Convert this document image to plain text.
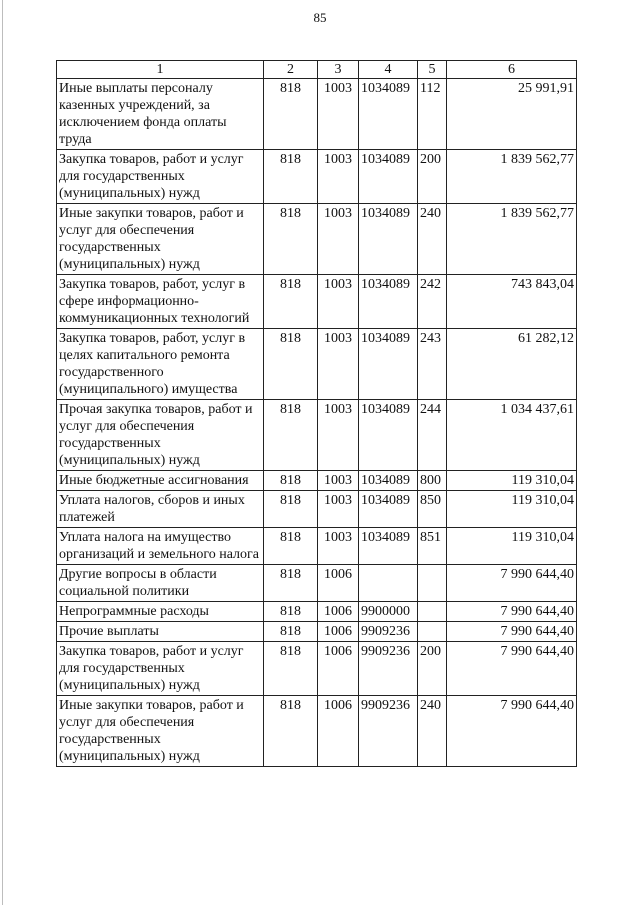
85
1	2	3	4	5	6
Иные выплаты персоналу казенных учреждений, за исключением фонда оплаты труда	818	1003	1034089	112	25 991,91
Закупка товаров, работ и услуг для государственных (муниципальных) нужд	818	1003	1034089	200	1 839 562,77
Иные закупки товаров, работ и услуг для обеспечения государственных (муниципальных) нужд	818	1003	1034089	240	1 839 562,77
Закупка товаров, работ, услуг в сфере информационно-коммуникационных технологий	818	1003	1034089	242	743 843,04
Закупка товаров, работ, услуг в целях капитального ремонта государственного (муниципального) имущества	818	1003	1034089	243	61 282,12
Прочая закупка товаров, работ и услуг для обеспечения государственных (муниципальных) нужд	818	1003	1034089	244	1 034 437,61
Иные бюджетные ассигнования	818	1003	1034089	800	119 310,04
Уплата налогов, сборов и иных платежей	818	1003	1034089	850	119 310,04
Уплата налога на имущество организаций и земельного налога	818	1003	1034089	851	119 310,04
Другие вопросы в области социальной политики	818	1006			7 990 644,40
Непрограммные расходы	818	1006	9900000		7 990 644,40
Прочие выплаты	818	1006	9909236		7 990 644,40
Закупка товаров, работ и услуг для государственных (муниципальных) нужд	818	1006	9909236	200	7 990 644,40
Иные закупки товаров, работ и услуг для обеспечения государственных (муниципальных) нужд	818	1006	9909236	240	7 990 644,40
